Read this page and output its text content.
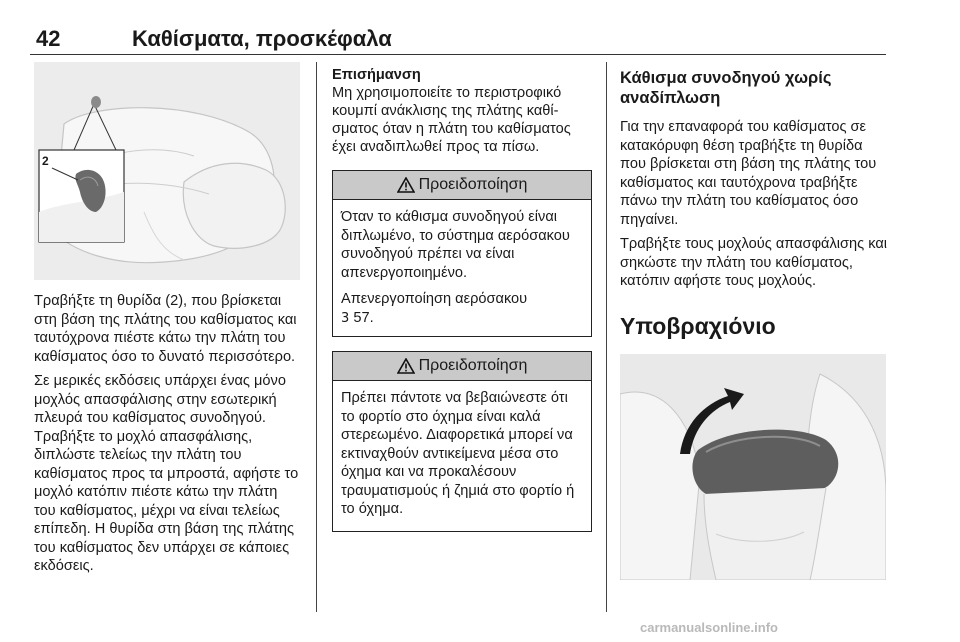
42	Καθίσματα, προσκέφαλα
2

Τραβήξτε τη θυρίδα (2), που βρίσκεται στη βάση της πλάτης του καθίσματος και ταυτόχρονα πιέστε κάτω την πλάτη του καθίσματος όσο το δυνατό περισσότερο.

Σε μερικές εκδόσεις υπάρχει ένας μόνο μοχλός απασφάλισης στην εσωτερική πλευρά του καθίσματος συνοδηγού. Τραβήξτε το μοχλό απασφάλισης, διπλώστε τελείως την πλάτη του καθίσματος προς τα μπροστά, αφήστε το μοχλό κατόπιν πιέστε κάτω την πλάτη του καθίσματος, μέχρι να είναι τελείως επίπεδη. Η θυρίδα στη βάση της πλάτης του καθίσματος δεν υπάρχει σε κάποιες εκδόσεις.

Επισήμανση

Μη χρησιμοποιείτε το περιστροφικό κουμπί ανάκλισης της πλάτης καθίσματος όταν η πλάτη του καθίσματος έχει αναδιπλωθεί προς τα πίσω.

Προειδοποίηση

Όταν το κάθισμα συνοδηγού είναι διπλωμένο, το σύστημα αερόσακου συνοδηγού πρέπει να είναι απενεργοποιημένο.

Απενεργοποίηση αερόσακου
3 57.

Προειδοποίηση

Πρέπει πάντοτε να βεβαιώνεστε ότι το φορτίο στο όχημα είναι καλά στερεωμένο. Διαφορετικά μπορεί να εκτιναχθούν αντικείμενα μέσα στο όχημα και να προκαλέσουν τραυματισμούς ή ζημιά στο φορτίο ή το όχημα.

Κάθισμα συνοδηγού χωρίς αναδίπλωση

Για την επαναφορά του καθίσματος σε κατακόρυφη θέση τραβήξτε τη θυρίδα που βρίσκεται στη βάση της πλάτης του καθίσματος και ταυτόχρονα τραβήξτε πάνω την πλάτη του καθίσματος όσο πηγαίνει.

Τραβήξτε τους μοχλούς απασφάλισης και σηκώστε την πλάτη του καθίσματος, κατόπιν αφήστε τους μοχλούς.

Υποβραχιόνιο
carmanualsonline.info
